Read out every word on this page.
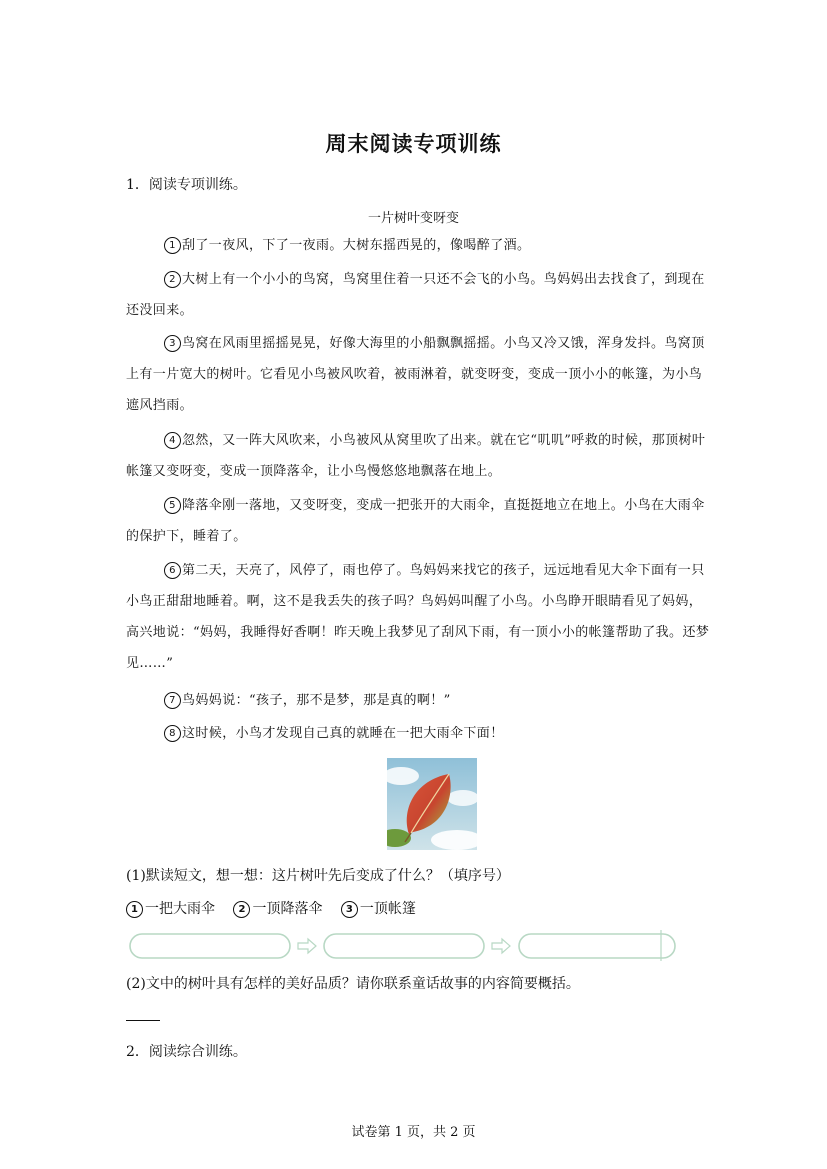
周末阅读专项训练
1．阅读专项训练。
一片树叶变呀变
1 刮了一夜风，下了一夜雨。大树东摇西晃的，像喝醉了酒。
2 大树上有一个小小的鸟窝，鸟窝里住着一只还不会飞的小鸟。鸟妈妈出去找食了，到现在还没回来。
3 鸟窝在风雨里摇摇晃晃，好像大海里的小船飘飘摇摇。小鸟又冷又饿，浑身发抖。鸟窝顶上有一片宽大的树叶。它看见小鸟被风吹着，被雨淋着，就变呀变，变成一顶小小的帐篷，为小鸟遮风挡雨。
4 忽然，又一阵大风吹来，小鸟被风从窝里吹了出来。就在它“叽叽”呼救的时候，那顶树叶帐篷又变呀变，变成一顶降落伞，让小鸟慢悠悠地飘落在地上。
5 降落伞刚一落地，又变呀变，变成一把张开的大雨伞，直挺挺地立在地上。小鸟在大雨伞的保护下，睡着了。
6 第二天，天亮了，风停了，雨也停了。鸟妈妈来找它的孩子，远远地看见大伞下面有一只小鸟正甜甜地睡着。啊，这不是我丢失的孩子吗？鸟妈妈叫醒了小鸟。小鸟睁开眼睛看见了妈妈，高兴地说：“妈妈，我睡得好香啊！昨天晚上我梦见了刮风下雨，有一顶小小的帐篷帮助了我。还梦见……”
7 鸟妈妈说：“孩子，那不是梦，那是真的啊！”
8 这时候，小鸟才发现自己真的就睡在一把大雨伞下面！
(1)默读短文，想一想：这片树叶先后变成了什么？（填序号）
1 一把大雨伞 2 一顶降落伞 3 一顶帐篷
(2)文中的树叶具有怎样的美好品质？请你联系童话故事的内容简要概括。
2．阅读综合训练。
试卷第 1 页，共 2 页
